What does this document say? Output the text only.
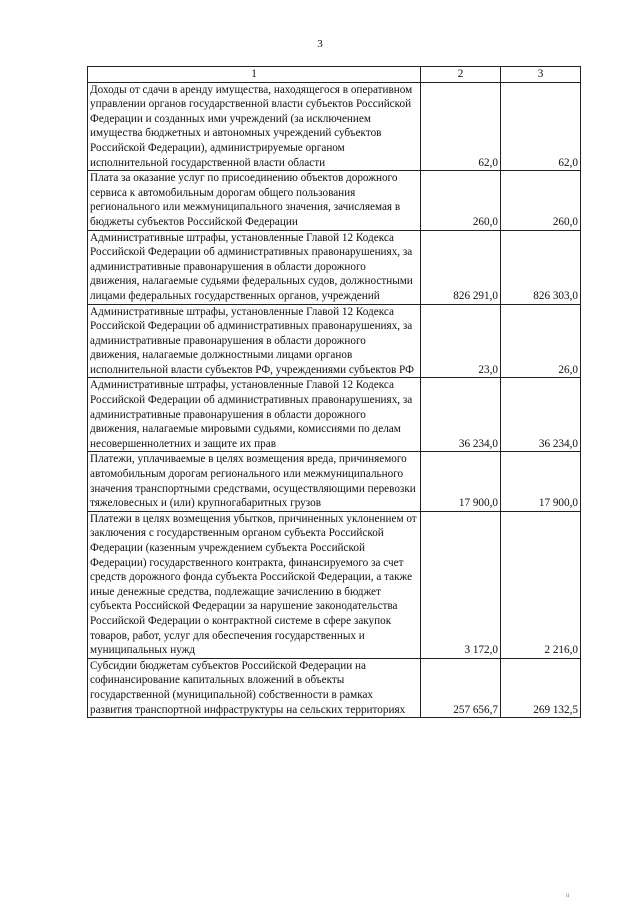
3
1	2	3
Доходы от сдачи в аренду имущества, находящегося в оперативном управлении органов государственной власти субъектов Российской Федерации и созданных ими учреждений (за исключением имущества бюджетных и автономных учреждений субъектов Российской Федерации), администрируемые органом исполнительной государственной власти области	62,0	62,0
Плата за оказание услуг по присоединению объектов дорожного сервиса к автомобильным дорогам общего пользования регионального или межмуниципального значения, зачисляемая в бюджеты субъектов Российской Федерации	260,0	260,0
Административные штрафы, установленные Главой 12 Кодекса Российской Федерации об административных правонарушениях, за административные правонарушения в области дорожного движения, налагаемые судьями федеральных судов, должностными лицами федеральных государственных органов, учреждений	826 291,0	826 303,0
Административные штрафы, установленные Главой 12 Кодекса Российской Федерации об административных правонарушениях, за административные правонарушения в области дорожного движения, налагаемые должностными лицами органов исполнительной власти субъектов РФ, учреждениями субъектов РФ	23,0	26,0
Административные штрафы, установленные Главой 12 Кодекса Российской Федерации об административных правонарушениях, за административные правонарушения в области дорожного движения, налагаемые мировыми судьями, комиссиями по делам несовершеннолетних и защите их прав	36 234,0	36 234,0
Платежи, уплачиваемые в целях возмещения вреда, причиняемого автомобильным дорогам регионального или межмуниципального значения транспортными средствами, осуществляющими перевозки тяжеловесных и (или) крупногабаритных грузов	17 900,0	17 900,0
Платежи в целях возмещения убытков, причиненных уклонением от заключения с государственным органом субъекта Российской Федерации (казенным учреждением субъекта Российской Федерации) государственного контракта, финансируемого за счет средств дорожного фонда субъекта Российской Федерации, а также иные денежные средства, подлежащие зачислению в бюджет субъекта Российской Федерации за нарушение законодательства Российской Федерации о контрактной системе в сфере закупок товаров, работ, услуг для обеспечения государственных и муниципальных нужд	3 172,0	2 216,0
Субсидии бюджетам субъектов Российской Федерации на софинансирование капитальных вложений в объекты государственной (муниципальной) собственности в рамках развития транспортной инфраструктуры на сельских территориях	257 656,7	269 132,5
ii
